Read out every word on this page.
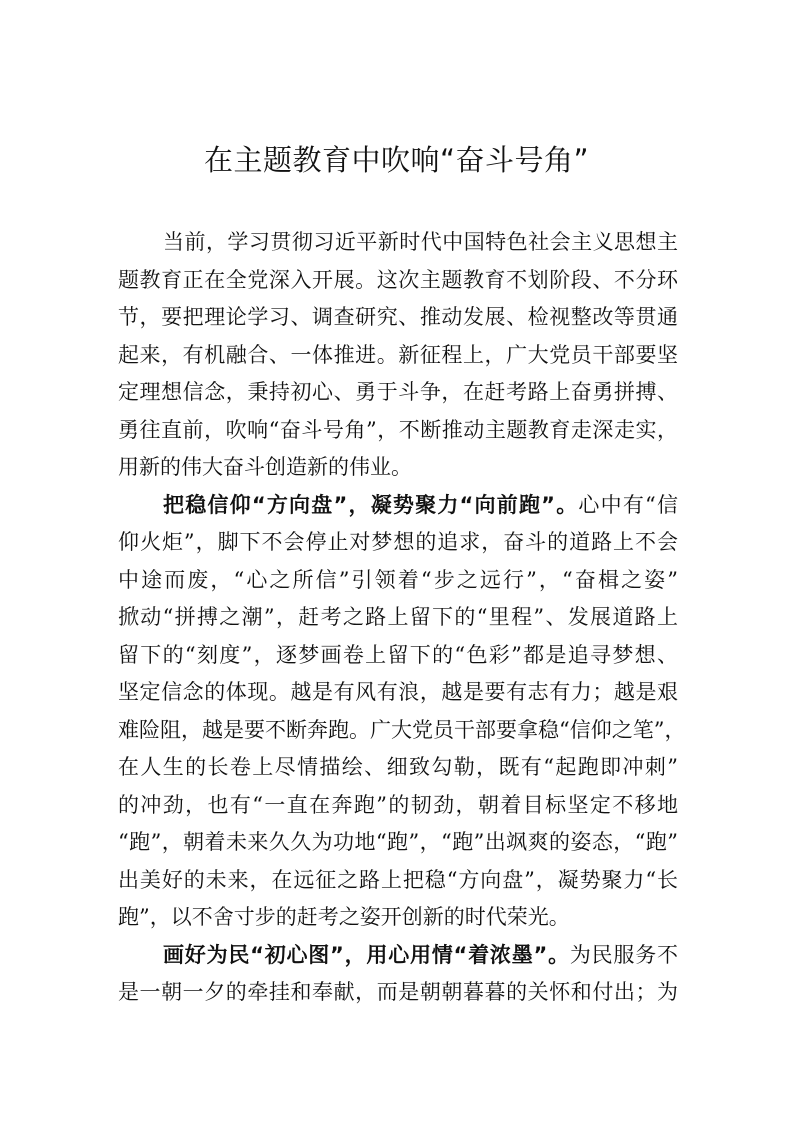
在主题教育中吹响“奋斗号角”
当前，学习贯彻习近平新时代中国特色社会主义思想主
题教育正在全党深入开展。这次主题教育不划阶段、不分环
节，要把理论学习、调查研究、推动发展、检视整改等贯通
起来，有机融合、一体推进。新征程上，广大党员干部要坚
定理想信念，秉持初心、勇于斗争，在赶考路上奋勇拼搏、
勇往直前，吹响“奋斗号角”，不断推动主题教育走深走实，
用新的伟大奋斗创造新的伟业。
把稳信仰“方向盘”，凝势聚力“向前跑”。心中有“信
仰火炬”，脚下不会停止对梦想的追求，奋斗的道路上不会
中途而废，“心之所信”引领着“步之远行”，“奋楫之姿”
掀动“拼搏之潮”，赶考之路上留下的“里程”、发展道路上
留下的“刻度”，逐梦画卷上留下的“色彩”都是追寻梦想、
坚定信念的体现。越是有风有浪，越是要有志有力；越是艰
难险阻，越是要不断奔跑。广大党员干部要拿稳“信仰之笔”，
在人生的长卷上尽情描绘、细致勾勒，既有“起跑即冲刺”
的冲劲，也有“一直在奔跑”的韧劲，朝着目标坚定不移地
“跑”，朝着未来久久为功地“跑”，“跑”出飒爽的姿态，“跑”
出美好的未来，在远征之路上把稳“方向盘”，凝势聚力“长
跑”，以不舍寸步的赶考之姿开创新的时代荣光。
画好为民“初心图”，用心用情“着浓墨”。为民服务不
是一朝一夕的牵挂和奉献，而是朝朝暮暮的关怀和付出；为
